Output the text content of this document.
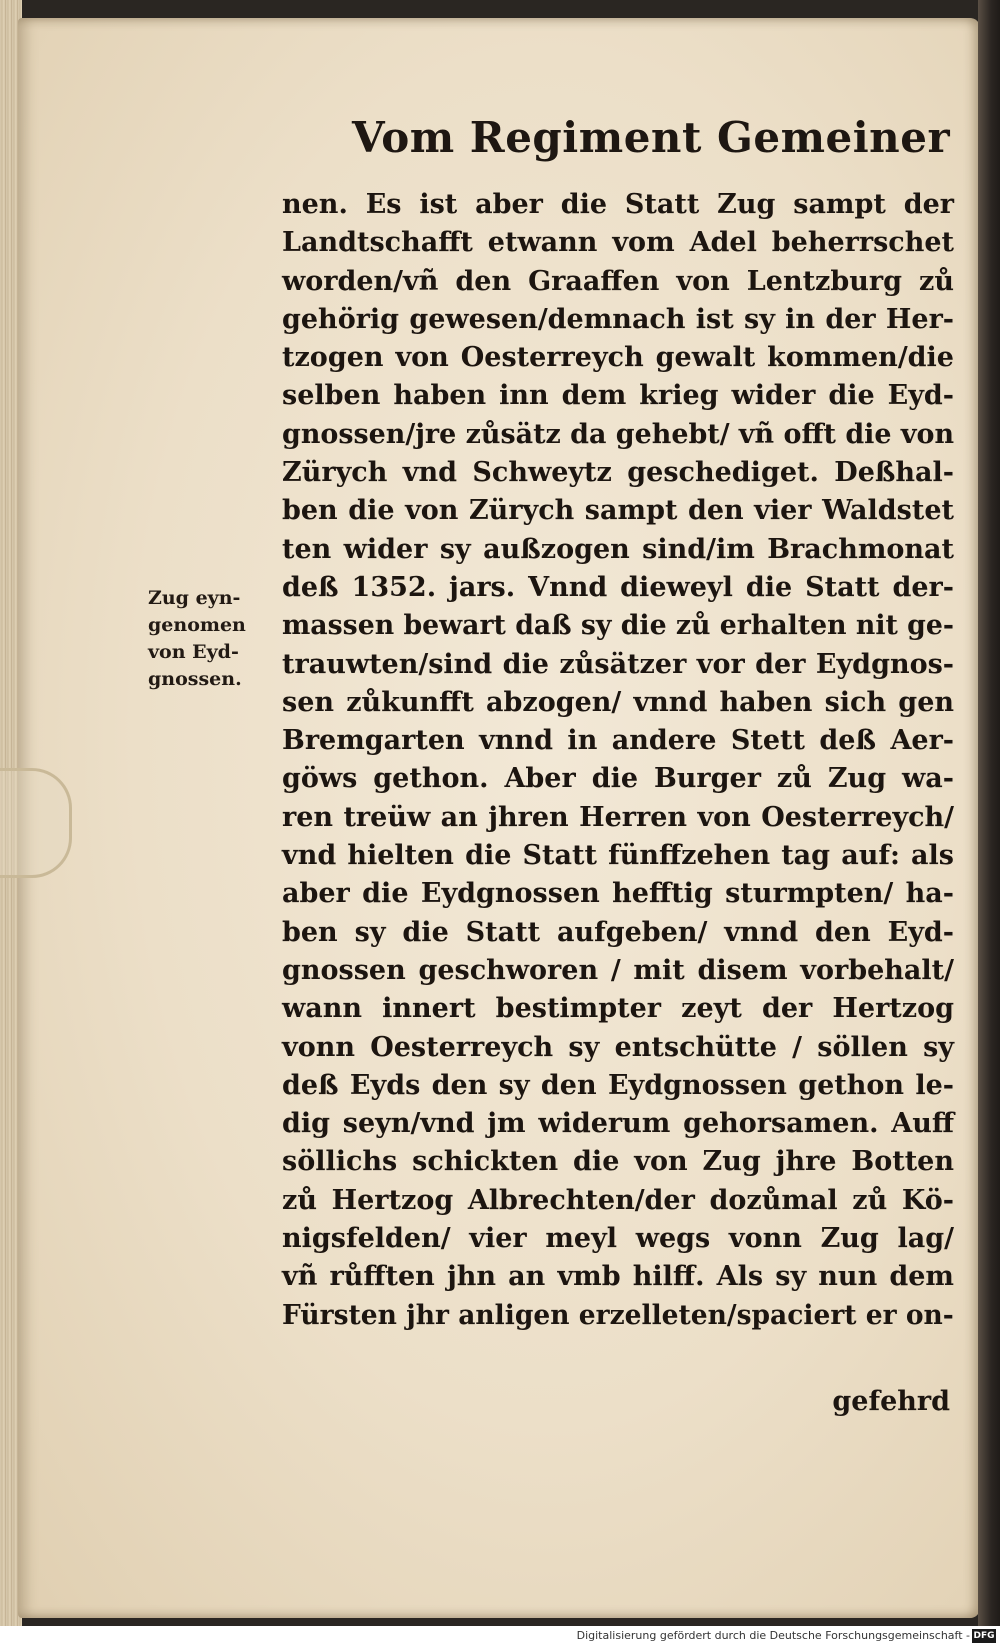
Vom Regiment Gemeiner
Zug eyn-
genomen
von Eyd-
gnossen.
nen. Es ist aber die Statt Zug sampt der
Landtschafft etwann vom Adel beherrschet
worden/vñ den Graaffen von Lentzburg zů
gehörig gewesen/demnach ist sy in der Her-
tzogen von Oesterreych gewalt kommen/die
selben haben inn dem krieg wider die Eyd-
gnossen/jre zůsätz da gehebt/ vñ offt die von
Zürych vnd Schweytz geschediget. Deßhal-
ben die von Zürych sampt den vier Waldstet
ten wider sy außzogen sind/im Brachmonat
deß 1352. jars. Vnnd dieweyl die Statt der-
massen bewart daß sy die zů erhalten nit ge-
trauwten/sind die zůsätzer vor der Eydgnos-
sen zůkunfft abzogen/ vnnd haben sich gen
Bremgarten vnnd in andere Stett deß Aer-
göws gethon. Aber die Burger zů Zug wa-
ren treüw an jhren Herren von Oesterreych/
vnd hielten die Statt fünffzehen tag auf: als
aber die Eydgnossen hefftig sturmpten/ ha-
ben sy die Statt aufgeben/ vnnd den Eyd-
gnossen geschworen / mit disem vorbehalt/
wann innert bestimpter zeyt der Hertzog
vonn Oesterreych sy entschütte / söllen sy
deß Eyds den sy den Eydgnossen gethon le-
dig seyn/vnd jm widerum gehorsamen. Auff
söllichs schickten die von Zug jhre Botten
zů Hertzog Albrechten/der dozůmal zů Kö-
nigsfelden/ vier meyl wegs vonn Zug lag/
vñ růfften jhn an vmb hilff. Als sy nun dem
Fürsten jhr anligen erzelleten/spaciert er on-
gefehrd
Digitalisierung gefördert durch die Deutsche Forschungsgemeinschaft - DFG
